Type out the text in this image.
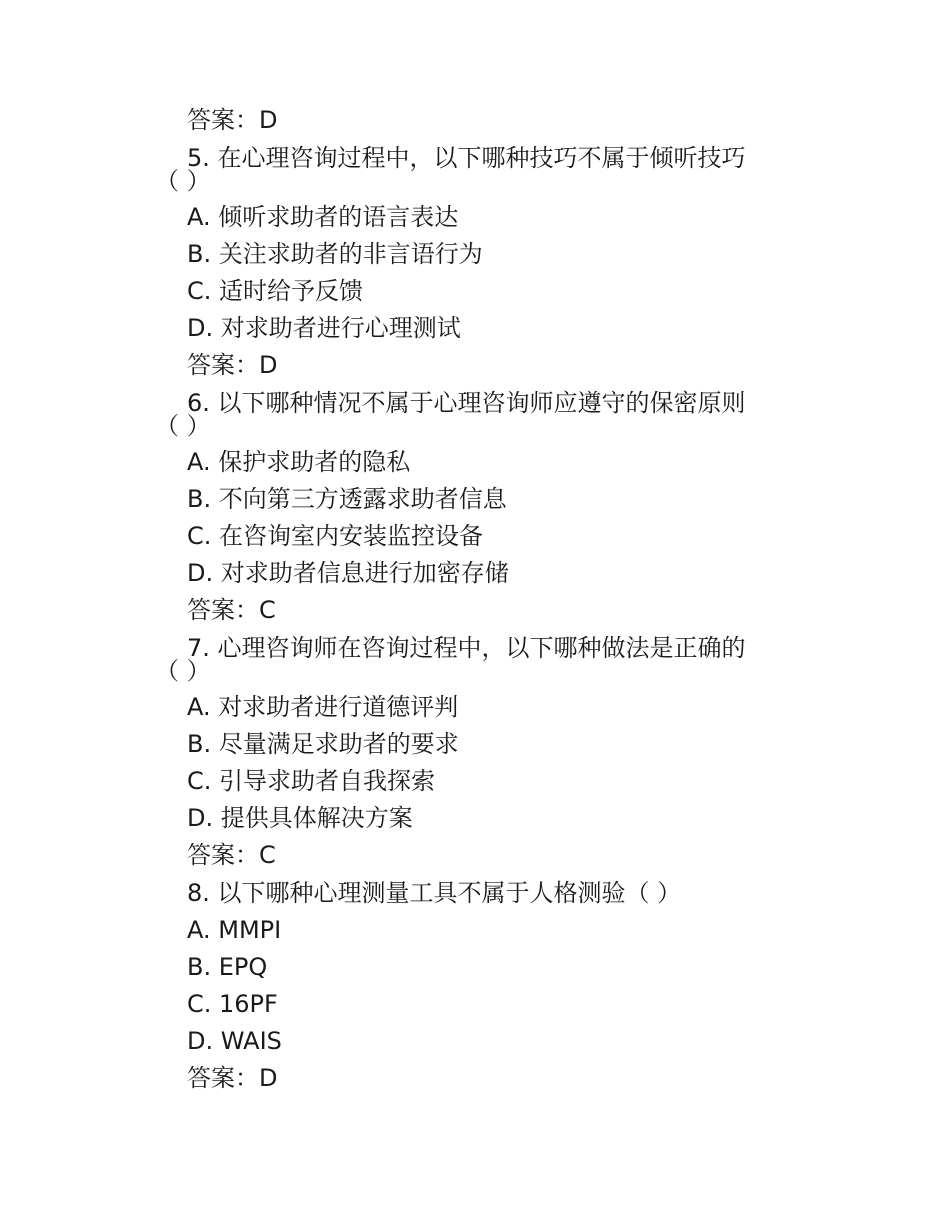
答案：D
5. 在心理咨询过程中，以下哪种技巧不属于倾听技巧
（ ）
A. 倾听求助者的语言表达
B. 关注求助者的非言语行为
C. 适时给予反馈
D. 对求助者进行心理测试
答案：D
6. 以下哪种情况不属于心理咨询师应遵守的保密原则
（ ）
A. 保护求助者的隐私
B. 不向第三方透露求助者信息
C. 在咨询室内安装监控设备
D. 对求助者信息进行加密存储
答案：C
7. 心理咨询师在咨询过程中，以下哪种做法是正确的
（ ）
A. 对求助者进行道德评判
B. 尽量满足求助者的要求
C. 引导求助者自我探索
D. 提供具体解决方案
答案：C
8. 以下哪种心理测量工具不属于人格测验（ ）
A. MMPI
B. EPQ
C. 16PF
D. WAIS
答案：D
